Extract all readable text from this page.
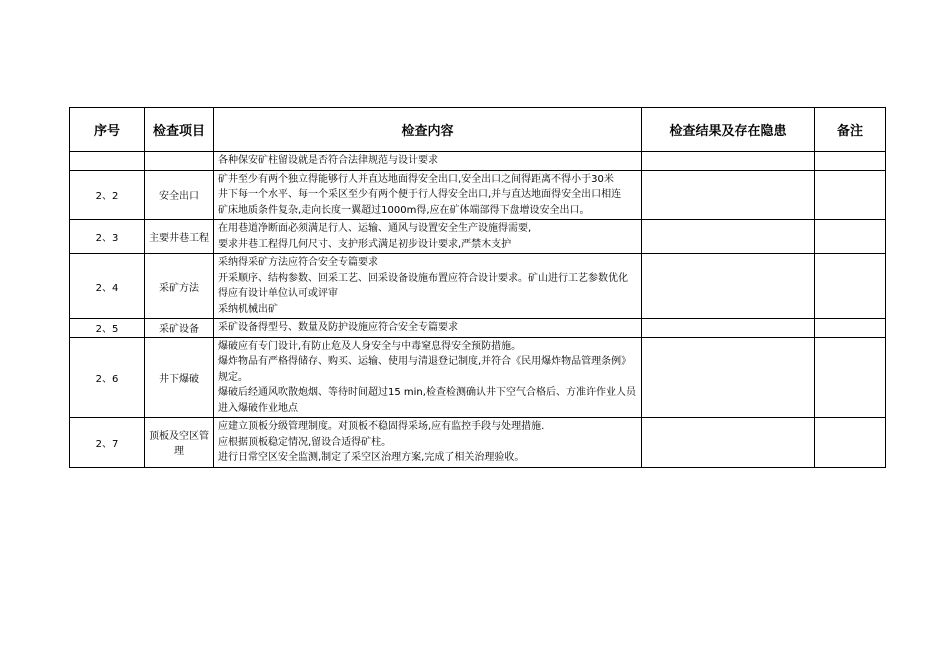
序号	检查项目	检查内容	检查结果及存在隐患	备注

		各种保安矿柱留设就是否符合法律规范与设计要求		

2、2	安全出口	矿井至少有两个独立得能够行人并直达地面得安全出口,安全出口之间得距离不得小于30米
井下每一个水平、每一个采区至少有两个便于行人得安全出口,并与直达地面得安全出口相连
矿床地质条件复杂,走向长度一翼超过1000m得,应在矿体端部得下盘增设安全出口。		

2、3	主要井巷工程	在用巷道净断面必须满足行人、运输、通风与设置安全生产设施得需要,
要求井巷工程得几何尺寸、支护形式满足初步设计要求,严禁木支护		

2、4	采矿方法	采纳得采矿方法应符合安全专篇要求
开采顺序、结构参数、回采工艺、回采设备设施布置应符合设计要求。矿山进行工艺参数优化得应有设计单位认可或评审
采纳机械出矿		

2、5	采矿设备	采矿设备得型号、数量及防护设施应符合安全专篇要求		

2、6	井下爆破	爆破应有专门设计,有防止危及人身安全与中毒窒息得安全预防措施。
爆炸物品有严格得储存、购买、运输、使用与清退登记制度,并符合《民用爆炸物品管理条例》规定。
爆破后经通风吹散炮烟、等待时间超过15 min,检查检测确认井下空气合格后、方准许作业人员进入爆破作业地点		

2、7	顶板及空区管理	应建立顶板分级管理制度。对顶板不稳固得采场,应有监控手段与处理措施.
应根据顶板稳定情况,留设合适得矿柱。
进行日常空区安全监测,制定了采空区治理方案,完成了相关治理验收。		
